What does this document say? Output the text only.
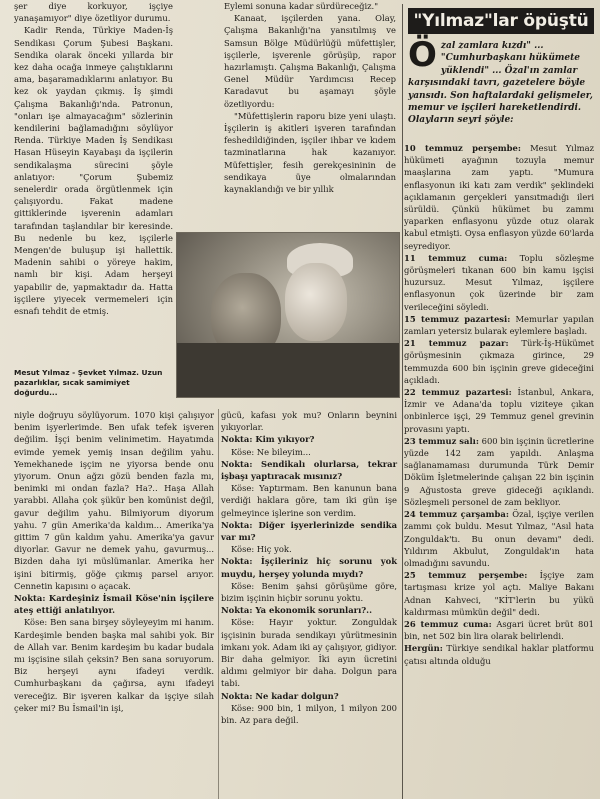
şer diye korkuyor, işçiye yanaşamıyor" diye özetliyor durumu.

Kadir Renda, Türkiye Maden-İş Sendikası Çorum Şubesi Başkanı. Sendika olarak önceki yıllarda bir kez daha ocağa inmeye çalıştıklarını ama, başaramadıklarını anlatıyor. Bu kez ok yaydan çıkmış. İş şimdi Çalışma Bakanlığı'nda. Patronun, "onları işe almayacağım" sözlerinin kendilerini bağlamadığını söylüyor Renda. Türkiye Maden İş Sendikası Hasan Hüseyin Kayabaşı da işçilerin sendikalaşma sürecini şöyle anlatıyor: "Çorum Şubemiz senelerdir orada örgütlenmek için çalışıyordu. Fakat madene gittiklerinde işverenin adamları tarafından taşlandılar bir keresinde. Bu nedenle bu kez, işçilerle Mengen'de buluşup işi hallettik. Madenin sahibi o yöreye hakim, namlı bir kişi. Adam herşeyi yapabilir de, yapmaktadır da. Hatta işçilere yiyecek vermemeleri için esnafı tehdit de etmiş.

Eylemi sonuna kadar sürdüreceğiz."

Kanaat, işçilerden yana. Olay, Çalışma Bakanlığı'na yansıtılmış ve Samsun Bölge Müdürlüğü müfettişler, işçilerle, işverenle görüşüp, rapor hazırlamıştı. Çalışma Bakanlığı, Çalışma Genel Müdür Yardımcısı Recep Karadavut bu aşamayı şöyle özetliyordu:

"Müfettişlerin raporu bize yeni ulaştı. İşçilerin iş akitleri işveren tarafından feshedildiğinden, işçiler ihbar ve kıdem tazminatlarına hak kazanıyor. Müfettişler, fesih gerekçesininin de sendikaya üye olmalarından kaynaklandığı ve bir yıllık

Mesut Yılmaz - Şevket Yılmaz. Uzun pazarlıklar, sıcak samimiyet doğurdu...

niyle doğruyu söylüyorum. 1070 kişi çalışıyor benim işyerlerimde. Ben ufak tefek işveren değilim. İşçi benim velinimetim. Hayatımda evimde yemek yemiş insan değilim yahu. Yemekhanede işçim ne yiyorsa bende onu yiyorum. Onun ağzı gözü benden fazla mı, benimki mi ondan fazla? Ha?.. Haşa Allah yarabbi. Allaha çok şükür ben komünist değil, gavur değilim yahu. Bilmiyorum diyorum yahu. 7 gün Amerika'da kaldım... Amerika'ya gittim 7 gün kaldım yahu. Amerika'ya gavur diyorlar. Gavur ne demek yahu, gavurmuş... Bizden daha iyi müslümanlar. Amerika her işini bitirmiş, göğe çıkmış parsel arıyor. Cennetin kapısını o açacak.

Nokta: Kardeşiniz İsmail Köse'nin işçilere ateş ettiği anlatılıyor.

Köse: Ben sana birşey söyleyeyim mi hanım. Kardeşimle benden başka mal sahibi yok. Bir de Allah var. Benim kardeşim bu kadar budala mı işçisine silah çeksin? Ben sana soruyorum. Biz herşeyi aynı ifadeyi verdik. Cumhurbaşkanı da çağırsa, aynı ifadeyi vereceğiz. Bir işveren kalkar da işçiye silah çeker mi? Bu İsmail'in işi,

gücü, kafası yok mu? Onların beynini yıkıyorlar.

Nokta: Kim yıkıyor?

Köse: Ne bileyim...

Nokta: Sendikalı olurlarsa, tekrar işbaşı yaptıracak mısınız?

Köse: Yaptırmam. Ben kanunun bana verdiği haklara göre, tam iki gün işe gelmeyince işlerine son verdim.

Nokta: Diğer işyerlerinizde sendika var mı?

Köse: Hiç yok.

Nokta: İşçileriniz hiç sorunu yok muydu, herşey yolunda mıydı?

Köse: Benim şahsi görüşüme göre, bizim işçinin hiçbir sorunu yoktu.

Nokta: Ya ekonomik sorunları?..

Köse: Hayır yoktur. Zonguldak işçisinin burada sendikayı yürütmesinin imkanı yok. Adam iki ay çalışıyor, gidiyor. Bir daha gelmiyor. İki ayın ücretini aldımı gelmiyor bir daha. Dolgun para tabi.

Nokta: Ne kadar dolgun?

Köse: 900 bin, 1 milyon, 1 milyon 200 bin. Az para değil.

"Yılmaz"lar öpüştü
Ö zal zamlara kızdı" ... "Cumhurbaşkanı hükümete yüklendi" ... Özal'ın zamlar karşısındaki tavrı, gazetelere böyle yansıdı. Son haftalardaki gelişmeler, memur ve işçileri hareketlendirdi. Olayların seyri şöyle:

10 temmuz perşembe: Mesut Yılmaz hükümeti ayağının tozuyla memur maaşlarına zam yaptı. "Mumura enflasyonun iki katı zam verdik" şeklindeki açıklamanın gerçekleri yansıtmadığı ileri sürüldü. Çünkü hükümet bu zammı yaparken enflasyonu yüzde otuz olarak kabul etmişti. Oysa enflasyon yüzde 60'larda seyrediyor.

11 temmuz cuma: Toplu sözleşme görüşmeleri tıkanan 600 bin kamu işçisi huzursuz. Mesut Yılmaz, işçilere enflasyonun çok üzerinde bir zam verileceğini söyledi.

15 temmuz pazartesi: Memurlar yapılan zamları yetersiz bularak eylemlere başladı.

21 temmuz pazar: Türk-İş-Hükümet görüşmesinin çıkmaza girince, 29 temmuzda 600 bin işçinin greve gideceğini açıkladı.

22 temmuz pazartesi: İstanbul, Ankara, İzmir ve Adana'da toplu viziteye çıkan onbinlerce işçi, 29 Temmuz genel grevinin provasını yaptı.

23 temmuz salı: 600 bin işçinin ücretlerine yüzde 142 zam yapıldı. Anlaşma sağlanamaması durumunda Türk Demir Döküm İşletmelerinde çalışan 22 bin işçinin 9 Ağustosta greve gideceği açıklandı. Sözleşmeli personel de zam bekliyor.

24 temmuz çarşamba: Özal, işçiye verilen zammı çok buldu. Mesut Yılmaz, "Asıl hata Zonguldak'tı. Bu onun devamı" dedi. Yıldırım Akbulut, Zonguldak'ın hata olmadığını savundu.

25 temmuz perşembe: İşçiye zam tartışması krize yol açtı. Maliye Bakanı Adnan Kahveci, "KİT'lerin bu yükü kaldırması mümkün değil" dedi.

26 temmuz cuma: Asgari ücret brüt 801 bin, net 502 bin lira olarak belirlendi.

Hergün: Türkiye sendikal haklar platformu çatısı altında olduğu
